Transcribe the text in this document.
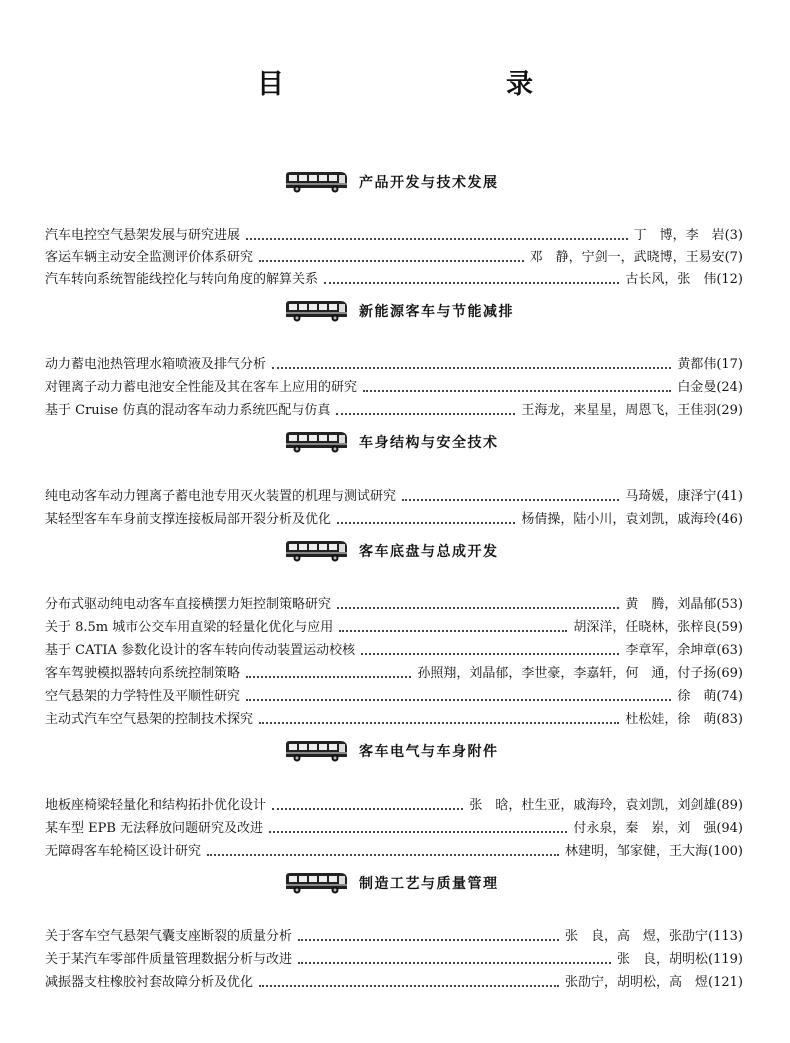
目　　录
产品开发与技术发展
汽车电控空气悬架发展与研究进展	丁　博，李　岩(3)
客运车辆主动安全监测评价体系研究	邓　静，宁剑一，武晓博，王易安(7)
汽车转向系统智能线控化与转向角度的解算关系	古长风，张　伟(12)
新能源客车与节能减排
动力蓄电池热管理水箱喷液及排气分析	黄都伟(17)
对锂离子动力蓄电池安全性能及其在客车上应用的研究	白金曼(24)
基于 Cruise 仿真的混动客车动力系统匹配与仿真	王海龙，来星星，周恩飞，王佳羽(29)
车身结构与安全技术
纯电动客车动力锂离子蓄电池专用灭火装置的机理与测试研究	马琦媛，康泽宁(41)
某轻型客车车身前支撑连接板局部开裂分析及优化	杨倩操，陆小川，袁刘凯，戚海玲(46)
客车底盘与总成开发
分布式驱动纯电动客车直接横摆力矩控制策略研究	黄　腾，刘晶郁(53)
关于 8.5m 城市公交车用直梁的轻量化优化与应用	胡深洋，任晓林，张梓良(59)
基于 CATIA 参数化设计的客车转向传动装置运动校核	李章军，余坤章(63)
客车驾驶模拟器转向系统控制策略	孙照翔，刘晶郁，李世豪，李嘉轩，何　通，付子扬(69)
空气悬架的力学特性及平顺性研究	徐　萌(74)
主动式汽车空气悬架的控制技术探究	杜松娃，徐　萌(83)
客车电气与车身附件
地板座椅梁轻量化和结构拓扑优化设计	张　晗，杜生亚，戚海玲，袁刘凯，刘剑雄(89)
某车型 EPB 无法释放问题研究及改进	付永泉，秦　岽，刘　强(94)
无障碍客车轮椅区设计研究	林建明，邹家健，王大海(100)
制造工艺与质量管理
关于客车空气悬架气囊支座断裂的质量分析	张　良，高　煜，张劭宁(113)
关于某汽车零部件质量管理数据分析与改进	张　良，胡明松(119)
减振器支柱橡胶衬套故障分析及优化	张劭宁，胡明松，高　煜(121)
